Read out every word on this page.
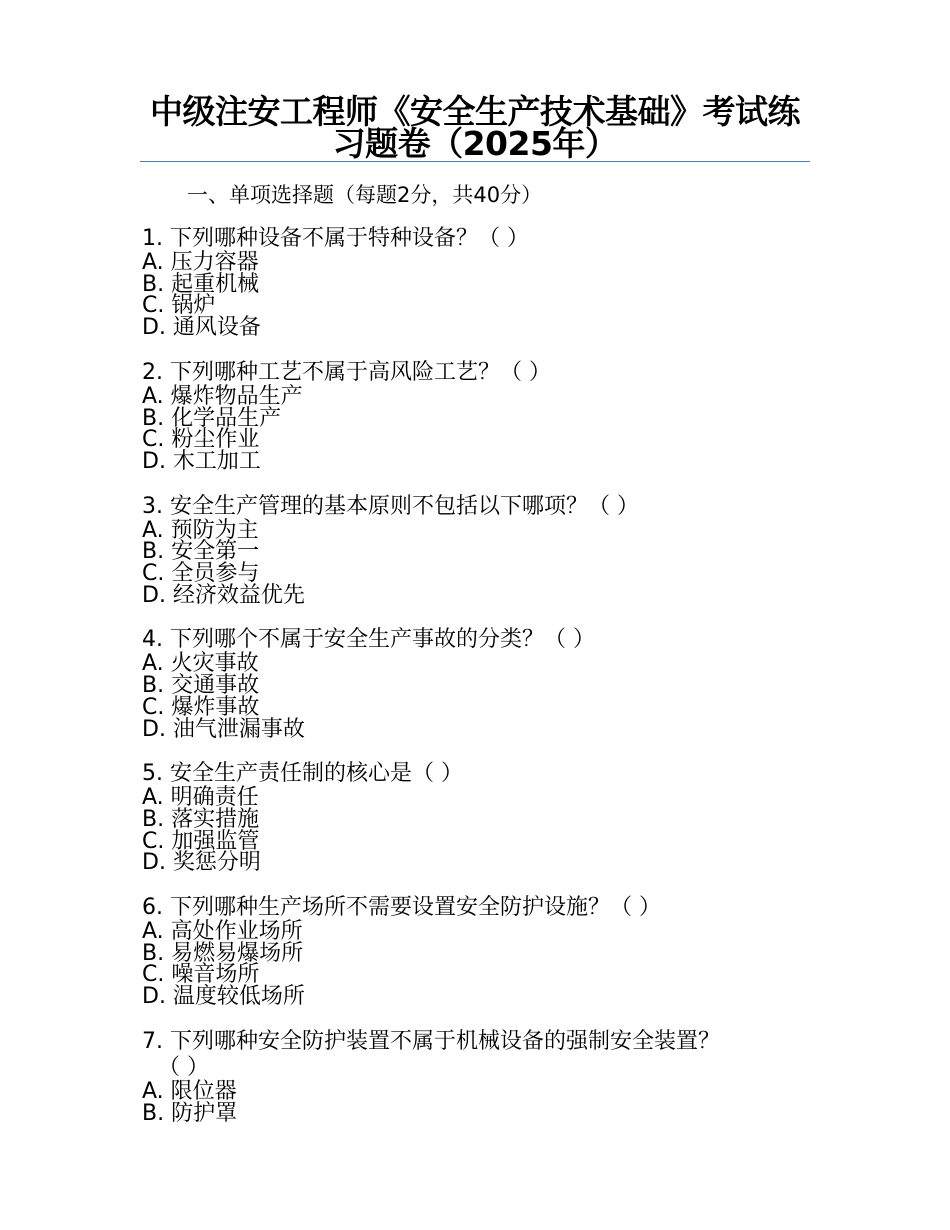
中级注安工程师《安全生产技术基础》考试练习题卷（2025年）
一、单项选择题（每题2分，共40分）
1. 下列哪种设备不属于特种设备？（ ）
A. 压力容器
B. 起重机械
C. 锅炉
D. 通风设备
2. 下列哪种工艺不属于高风险工艺？（ ）
A. 爆炸物品生产
B. 化学品生产
C. 粉尘作业
D. 木工加工
3. 安全生产管理的基本原则不包括以下哪项？（ ）
A. 预防为主
B. 安全第一
C. 全员参与
D. 经济效益优先
4. 下列哪个不属于安全生产事故的分类？（ ）
A. 火灾事故
B. 交通事故
C. 爆炸事故
D. 油气泄漏事故
5. 安全生产责任制的核心是（ ）
A. 明确责任
B. 落实措施
C. 加强监管
D. 奖惩分明
6. 下列哪种生产场所不需要设置安全防护设施？（ ）
A. 高处作业场所
B. 易燃易爆场所
C. 噪音场所
D. 温度较低场所
7. 下列哪种安全防护装置不属于机械设备的强制安全装置？
（ ）
A. 限位器
B. 防护罩
